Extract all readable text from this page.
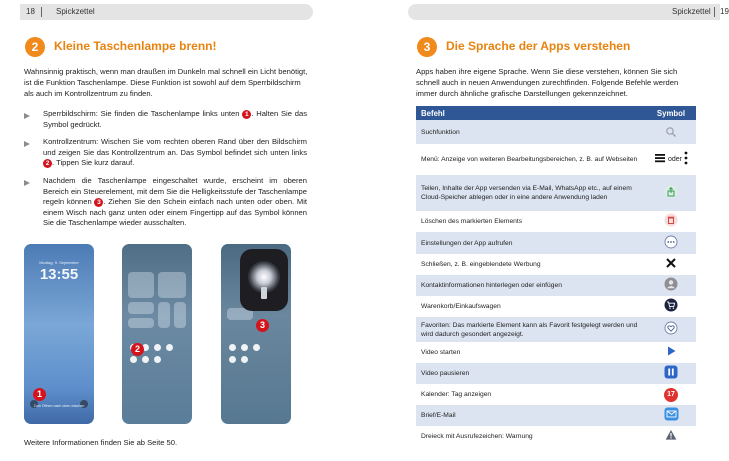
18	Spickzettel
2	Kleine Taschenlampe brenn!
Wahnsinnig praktisch, wenn man draußen im Dunkeln mal schnell ein Licht benötigt, ist die Funktion Taschenlampe. Diese Funktion ist sowohl auf dem Sperrbildschirm als auch im Kontrollzentrum zu finden.
Sperrbildschirm: Sie finden die Taschenlampe links unten 1 . Halten Sie das Symbol gedrückt.
Kontrollzentrum: Wischen Sie vom rechten oberen Rand über den Bildschirm und zeigen Sie das Kontrollzentrum an. Das Symbol befindet sich unten links 2 . Tippen Sie kurz darauf.
Nachdem die Taschenlampe eingeschaltet wurde, erscheint im oberen Bereich ein Steuerelement, mit dem Sie die Helligkeitsstufe der Taschenlampe regeln können 3 . Ziehen Sie den Schein einfach nach unten oder oben. Mit einem Wisch nach ganz unten oder einem Fingertipp auf das Symbol können Sie die Taschenlampe wieder ausschalten.
Montag, 9. September
13:55
Zum Öffnen nach oben wischen
1
2
3
Weitere Informationen finden Sie ab Seite 50.
Spickzettel 19
3	Die Sprache der Apps verstehen
Apps haben ihre eigene Sprache. Wenn Sie diese verstehen, können Sie sich schnell auch in neuen Anwendungen zurechtfinden. Folgende Befehle werden immer durch ähnliche grafische Darstellungen gekennzeichnet.
Befehl	Symbol
Suchfunktion	
Menü: Anzeige von weiteren Bearbeitungsbereichen, z. B. auf Webseiten	oder
Teilen, Inhalte der App versenden via E-Mail, WhatsApp etc., auf einem Cloud-Speicher ablegen oder in eine andere Anwendung laden	
Löschen des markierten Elements	
Einstellungen der App aufrufen	
Schließen, z. B. eingeblendete Werbung	
Kontaktinformationen hinterlegen oder einfügen	
Warenkorb/Einkaufswagen	
Favoriten: Das markierte Element kann als Favorit festgelegt werden und wird dadurch gesondert angezeigt.	
Video starten	
Video pausieren	
Kalender: Tag anzeigen	17
Brief/E-Mail	
Dreieck mit Ausrufezeichen: Warnung	
